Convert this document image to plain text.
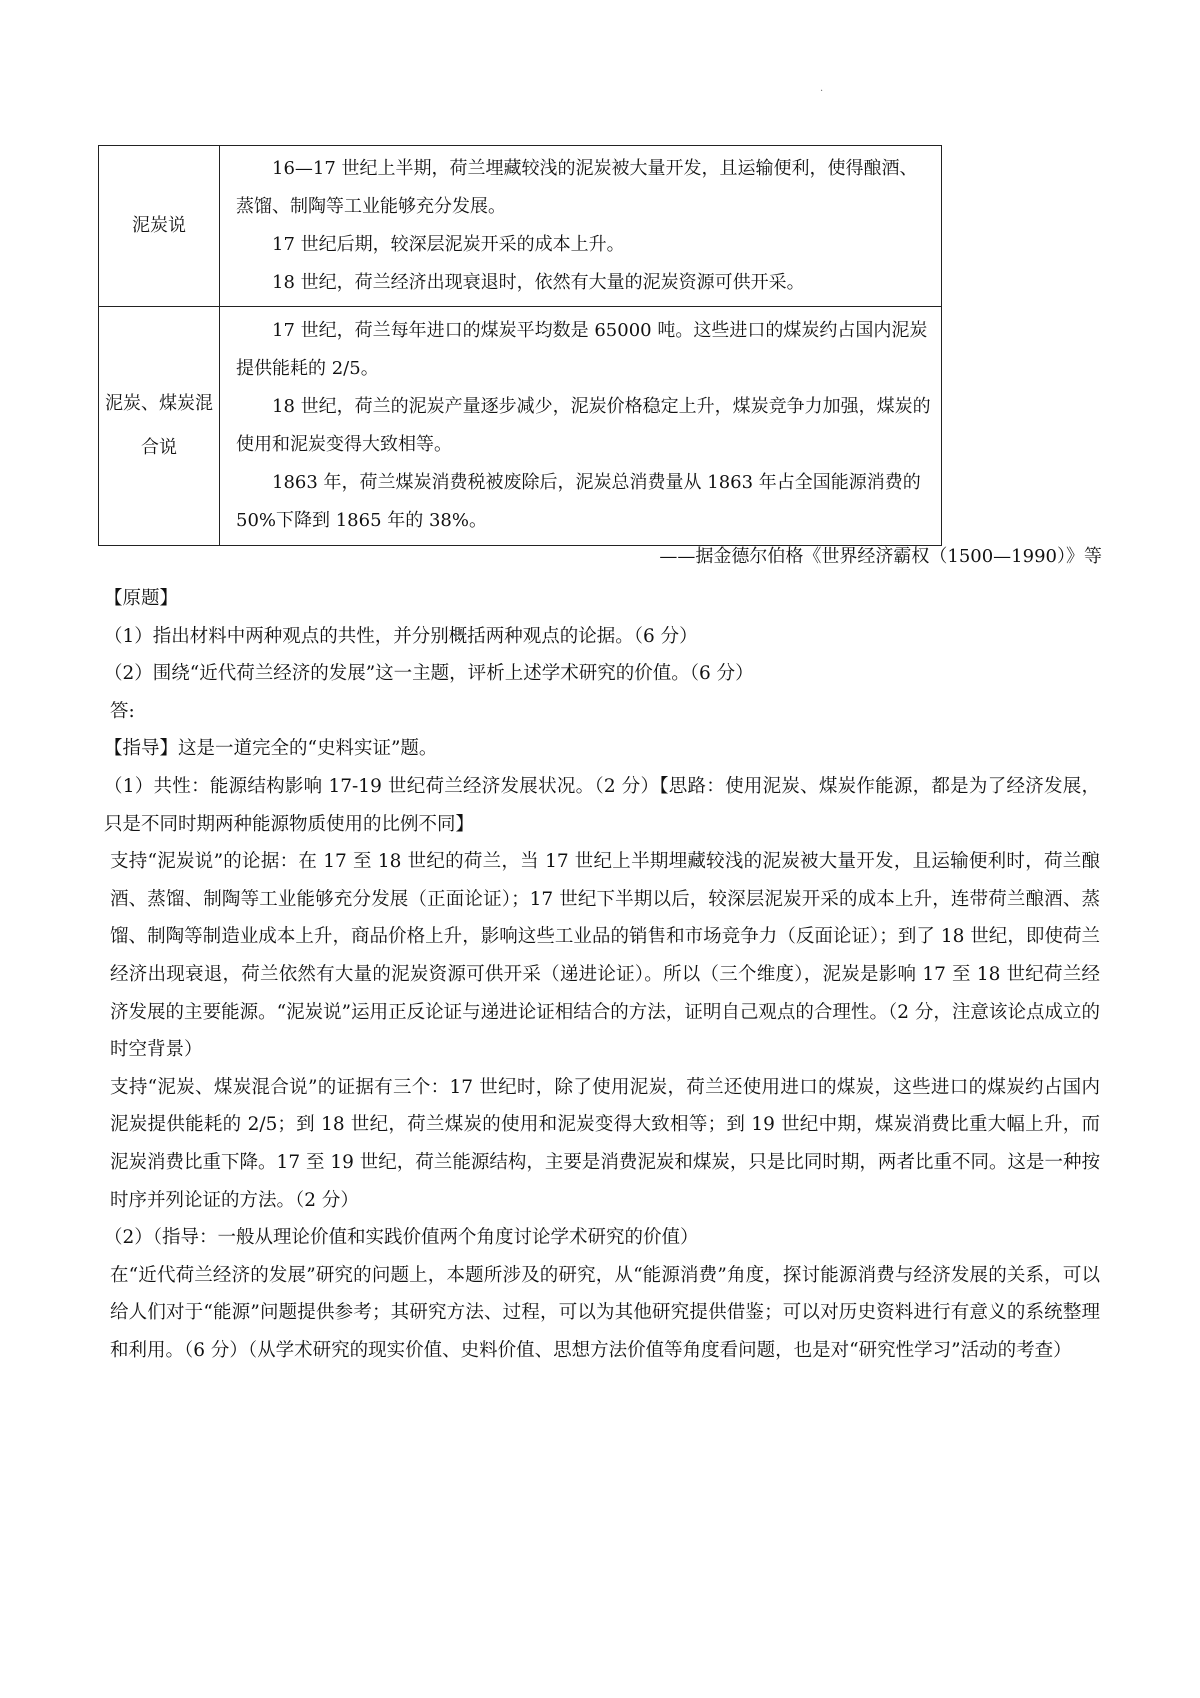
·
泥炭说	16—17 世纪上半期，荷兰埋藏较浅的泥炭被大量开发，且运输便利，使得酿酒、蒸馏、制陶等工业能够充分发展。

17 世纪后期，较深层泥炭开采的成本上升。

18 世纪，荷兰经济出现衰退时，依然有大量的泥炭资源可供开采。

泥炭、煤炭混合说	17 世纪，荷兰每年进口的煤炭平均数是 65000 吨。这些进口的煤炭约占国内泥炭提供能耗的 2/5。

18 世纪，荷兰的泥炭产量逐步减少，泥炭价格稳定上升，煤炭竞争力加强，煤炭的使用和泥炭变得大致相等。

1863 年，荷兰煤炭消费税被废除后，泥炭总消费量从 1863 年占全国能源消费的 50%下降到 1865 年的 38%。

——据金德尔伯格《世界经济霸权（1500—1990）》等

【原题】

（1）指出材料中两种观点的共性，并分别概括两种观点的论据。（6 分）

（2）围绕“近代荷兰经济的发展”这一主题，评析上述学术研究的价值。（6 分）

答:

【指导】这是一道完全的“史料实证”题。

（1）共性：能源结构影响 17-19 世纪荷兰经济发展状况。（2 分）【思路：使用泥炭、煤炭作能源，都是为了经济发展，只是不同时期两种能源物质使用的比例不同】

支持“泥炭说”的论据：在 17 至 18 世纪的荷兰，当 17 世纪上半期埋藏较浅的泥炭被大量开发，且运输便利时，荷兰酿酒、蒸馏、制陶等工业能够充分发展（正面论证）；17 世纪下半期以后，较深层泥炭开采的成本上升，连带荷兰酿酒、蒸馏、制陶等制造业成本上升，商品价格上升，影响这些工业品的销售和市场竞争力（反面论证）；到了 18 世纪，即使荷兰经济出现衰退，荷兰依然有大量的泥炭资源可供开采（递进论证）。所以（三个维度），泥炭是影响 17 至 18 世纪荷兰经济发展的主要能源。“泥炭说”运用正反论证与递进论证相结合的方法，证明自己观点的合理性。（2 分，注意该论点成立的时空背景）

支持“泥炭、煤炭混合说”的证据有三个：17 世纪时，除了使用泥炭，荷兰还使用进口的煤炭，这些进口的煤炭约占国内泥炭提供能耗的 2/5；到 18 世纪，荷兰煤炭的使用和泥炭变得大致相等；到 19 世纪中期，煤炭消费比重大幅上升，而泥炭消费比重下降。17 至 19 世纪，荷兰能源结构，主要是消费泥炭和煤炭，只是比同时期，两者比重不同。这是一种按时序并列论证的方法。（2 分）

（2）（指导：一般从理论价值和实践价值两个角度讨论学术研究的价值）

在“近代荷兰经济的发展”研究的问题上，本题所涉及的研究，从“能源消费”角度，探讨能源消费与经济发展的关系，可以给人们对于“能源”问题提供参考；其研究方法、过程，可以为其他研究提供借鉴；可以对历史资料进行有意义的系统整理和利用。（6 分）（从学术研究的现实价值、史料价值、思想方法价值等角度看问题，也是对“研究性学习”活动的考查）
